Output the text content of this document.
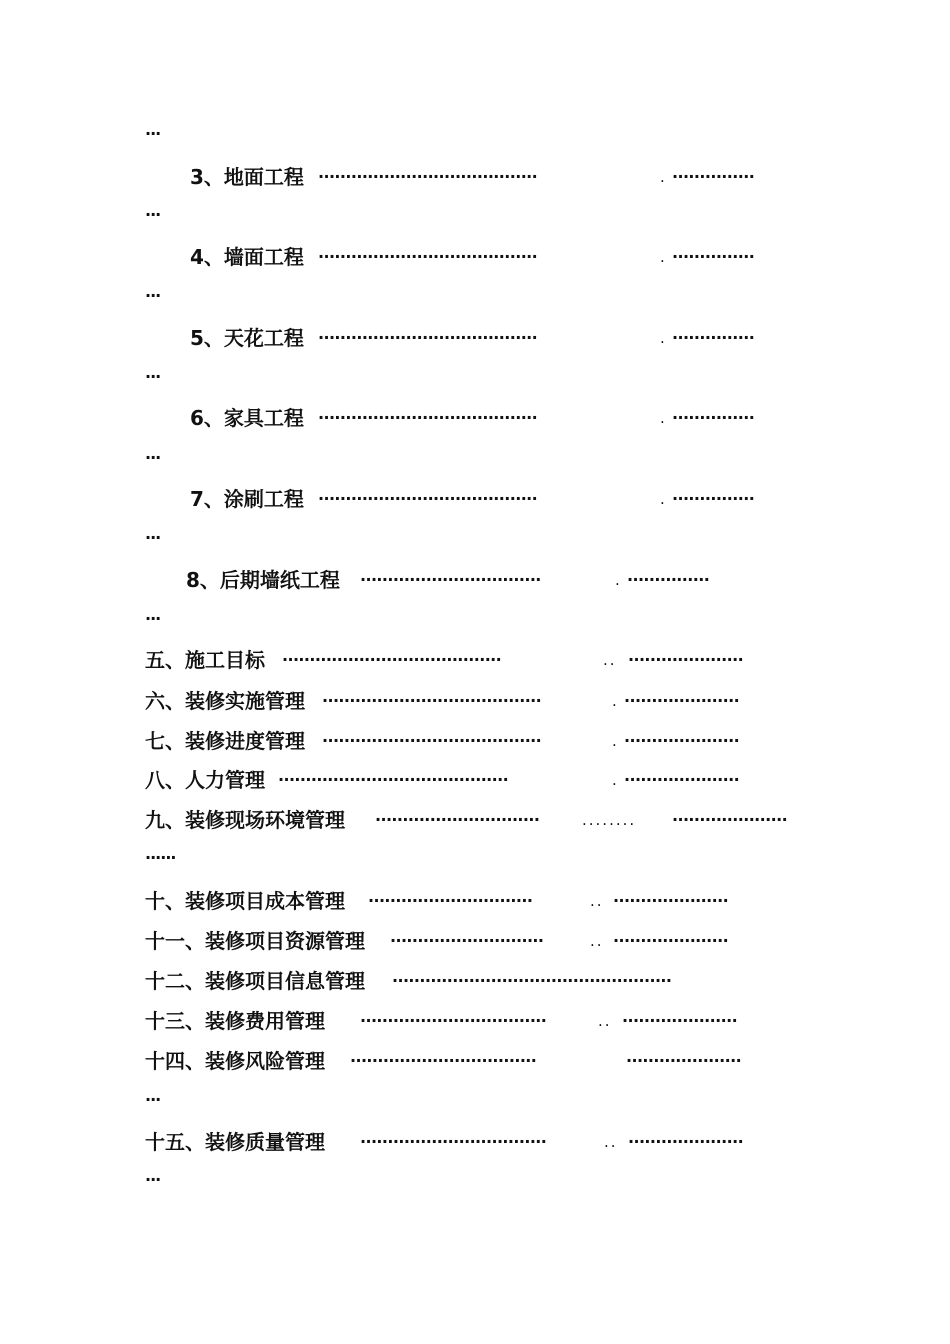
···
3、地面工程 ········································	. ···············
···
4、墙面工程 ········································	. ···············
···
5、天花工程 ········································	. ···············
···
6、家具工程 ········································	. ···············
···
7、涂刷工程 ········································	. ···············
···
8、后期墙纸工程 ·································	. ···············
···
五、施工目标 ········································	.. ·····················
六、装修实施管理 ········································	. ·····················
七、装修进度管理 ········································	. ·····················
八、人力管理 ··········································	. ·····················
九、装修现场环境管理 ······························	........ ·····················
······
十、装修项目成本管理 ······························	.. ·····················
十一、装修项目资源管理 ····························	.. ·····················
十二、装修项目信息管理 ···················································
十三、装修费用管理 ··································	.. ·····················
十四、装修风险管理 ··································	·····················
···
十五、装修质量管理 ··································	.. ·····················
···
